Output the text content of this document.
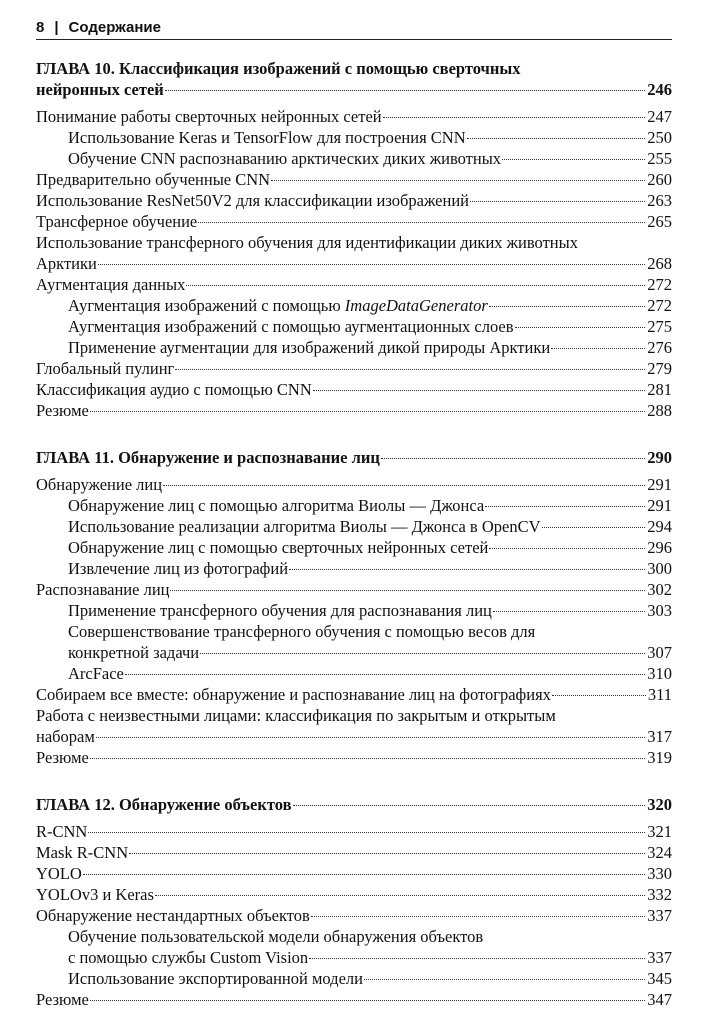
8 | Содержание
ГЛАВА 10. Классификация изображений с помощью сверточных
нейронных сетей	246
Понимание работы сверточных нейронных сетей	247
Использование Keras и TensorFlow для построения CNN	250
Обучение CNN распознаванию арктических диких животных	255
Предварительно обученные CNN	260
Использование ResNet50V2 для классификации изображений	263
Трансферное обучение	265
Использование трансферного обучения для идентификации диких животных
Арктики	268
Аугментация данных	272
Аугментация изображений с помощью ImageDataGenerator	272
Аугментация изображений с помощью аугментационных слоев	275
Применение аугментации для изображений дикой природы Арктики	276
Глобальный пулинг	279
Классификация аудио с помощью CNN	281
Резюме	288
ГЛАВА 11. Обнаружение и распознавание лиц	290
Обнаружение лиц	291
Обнаружение лиц с помощью алгоритма Виолы — Джонса	291
Использование реализации алгоритма Виолы — Джонса в OpenCV	294
Обнаружение лиц с помощью сверточных нейронных сетей	296
Извлечение лиц из фотографий	300
Распознавание лиц	302
Применение трансферного обучения для распознавания лиц	303
Совершенствование трансферного обучения с помощью весов для
конкретной задачи	307
ArcFace	310
Собираем все вместе: обнаружение и распознавание лиц на фотографиях	311
Работа с неизвестными лицами: классификация по закрытым и открытым
наборам	317
Резюме	319
ГЛАВА 12. Обнаружение объектов	320
R-CNN	321
Mask R-CNN	324
YOLO	330
YOLOv3 и Keras	332
Обнаружение нестандартных объектов	337
Обучение пользовательской модели обнаружения объектов
с помощью службы Custom Vision	337
Использование экспортированной модели	345
Резюме	347
